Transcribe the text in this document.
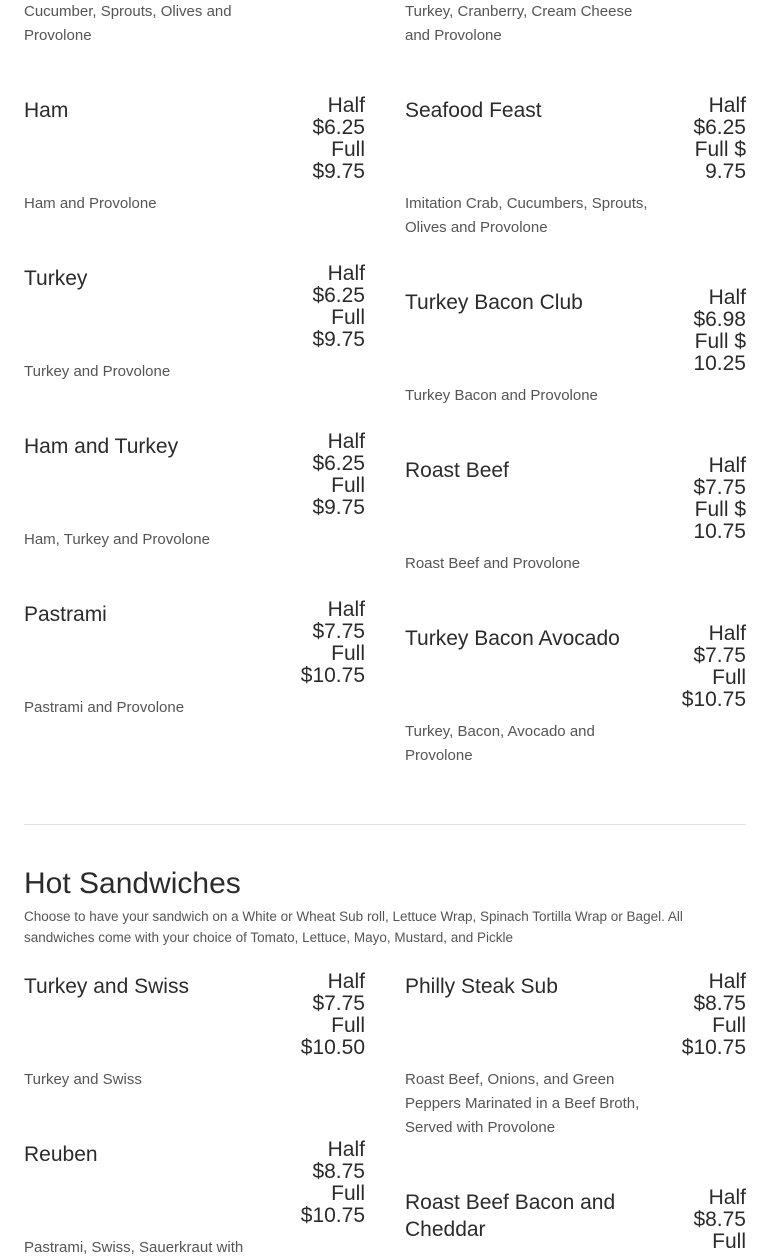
Cucumber, Sprouts, Olives and Provolone
Turkey, Cranberry, Cream Cheese and Provolone
Ham	Half
$6.25
Full
$9.75
Ham and Provolone
Turkey	Half
$6.25
Full
$9.75
Turkey and Provolone
Ham and Turkey	Half
$6.25
Full
$9.75
Ham, Turkey and Provolone
Pastrami	Half
$7.75
Full
$10.75
Pastrami and Provolone
Seafood Feast	Half
$6.25
Full $
9.75
Imitation Crab, Cucumbers, Sprouts, Olives and Provolone
Turkey Bacon Club	Half
$6.98
Full $
10.25
Turkey Bacon and Provolone
Roast Beef	Half
$7.75
Full $
10.75
Roast Beef and Provolone
Turkey Bacon Avocado	Half
$7.75
Full
$10.75
Turkey, Bacon, Avocado and Provolone
Hot Sandwiches
Choose to have your sandwich on a White or Wheat Sub roll, Lettuce Wrap, Spinach Tortilla Wrap or Bagel. All sandwiches come with your choice of Tomato, Lettuce, Mayo, Mustard, and Pickle
Turkey and Swiss	Half
$7.75
Full
$10.50
Turkey and Swiss
Reuben	Half
$8.75
Full
$10.75
Pastrami, Swiss, Sauerkraut with
Philly Steak Sub	Half
$8.75
Full
$10.75
Roast Beef, Onions, and Green Peppers Marinated in a Beef Broth, Served with Provolone
Roast Beef Bacon and Cheddar
Half
$8.75
Full
